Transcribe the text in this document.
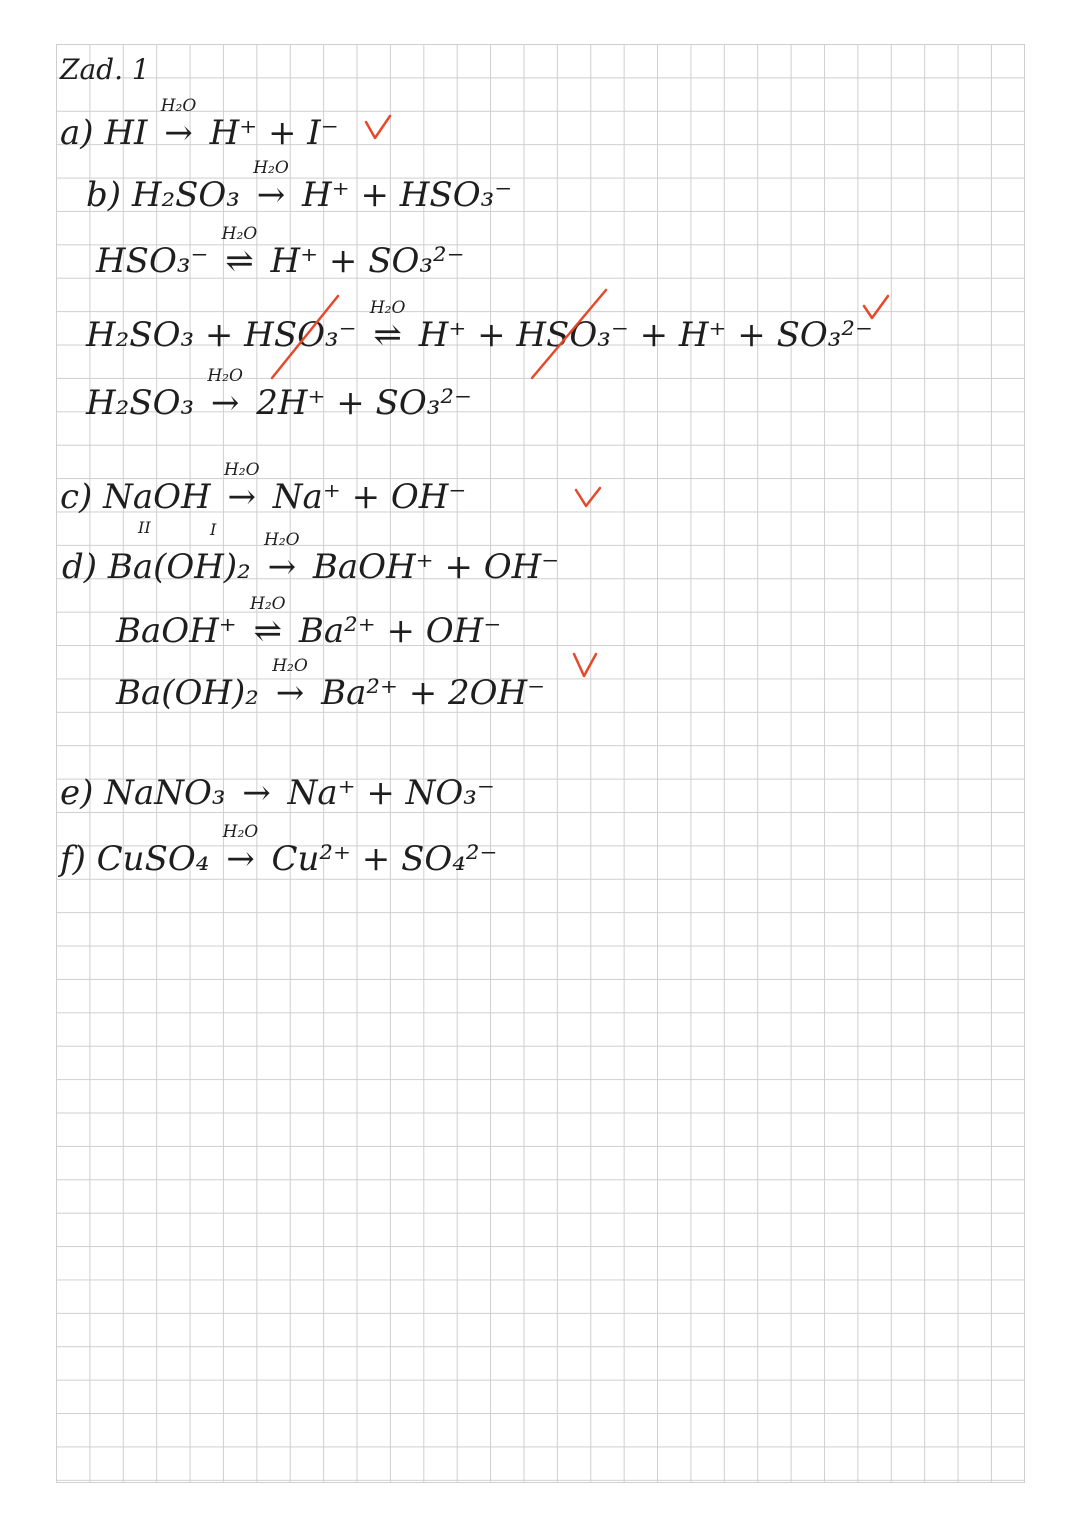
Zad. 1
a) HI
H₂O
→ H⁺ + I⁻
b) H₂SO₃
H₂O
→ H⁺ + HSO₃⁻
HSO₃⁻
H₂O
⇌ H⁺ + SO₃²⁻
H₂SO₃ + HSO₃⁻
H₂O
⇌ H⁺ + HSO₃⁻ + H⁺ + SO₃²⁻
H₂SO₃
H₂O
→ 2H⁺ + SO₃²⁻
c) NaOH
H₂O
→ Na⁺ + OH⁻
II	I
d) Ba(OH)₂
H₂O
→ BaOH⁺ + OH⁻
BaOH⁺
H₂O
⇌ Ba²⁺ + OH⁻
Ba(OH)₂
H₂O
→ Ba²⁺ + 2OH⁻
e) NaNO₃ → Na⁺ + NO₃⁻
f) CuSO₄
H₂O
→ Cu²⁺ + SO₄²⁻
